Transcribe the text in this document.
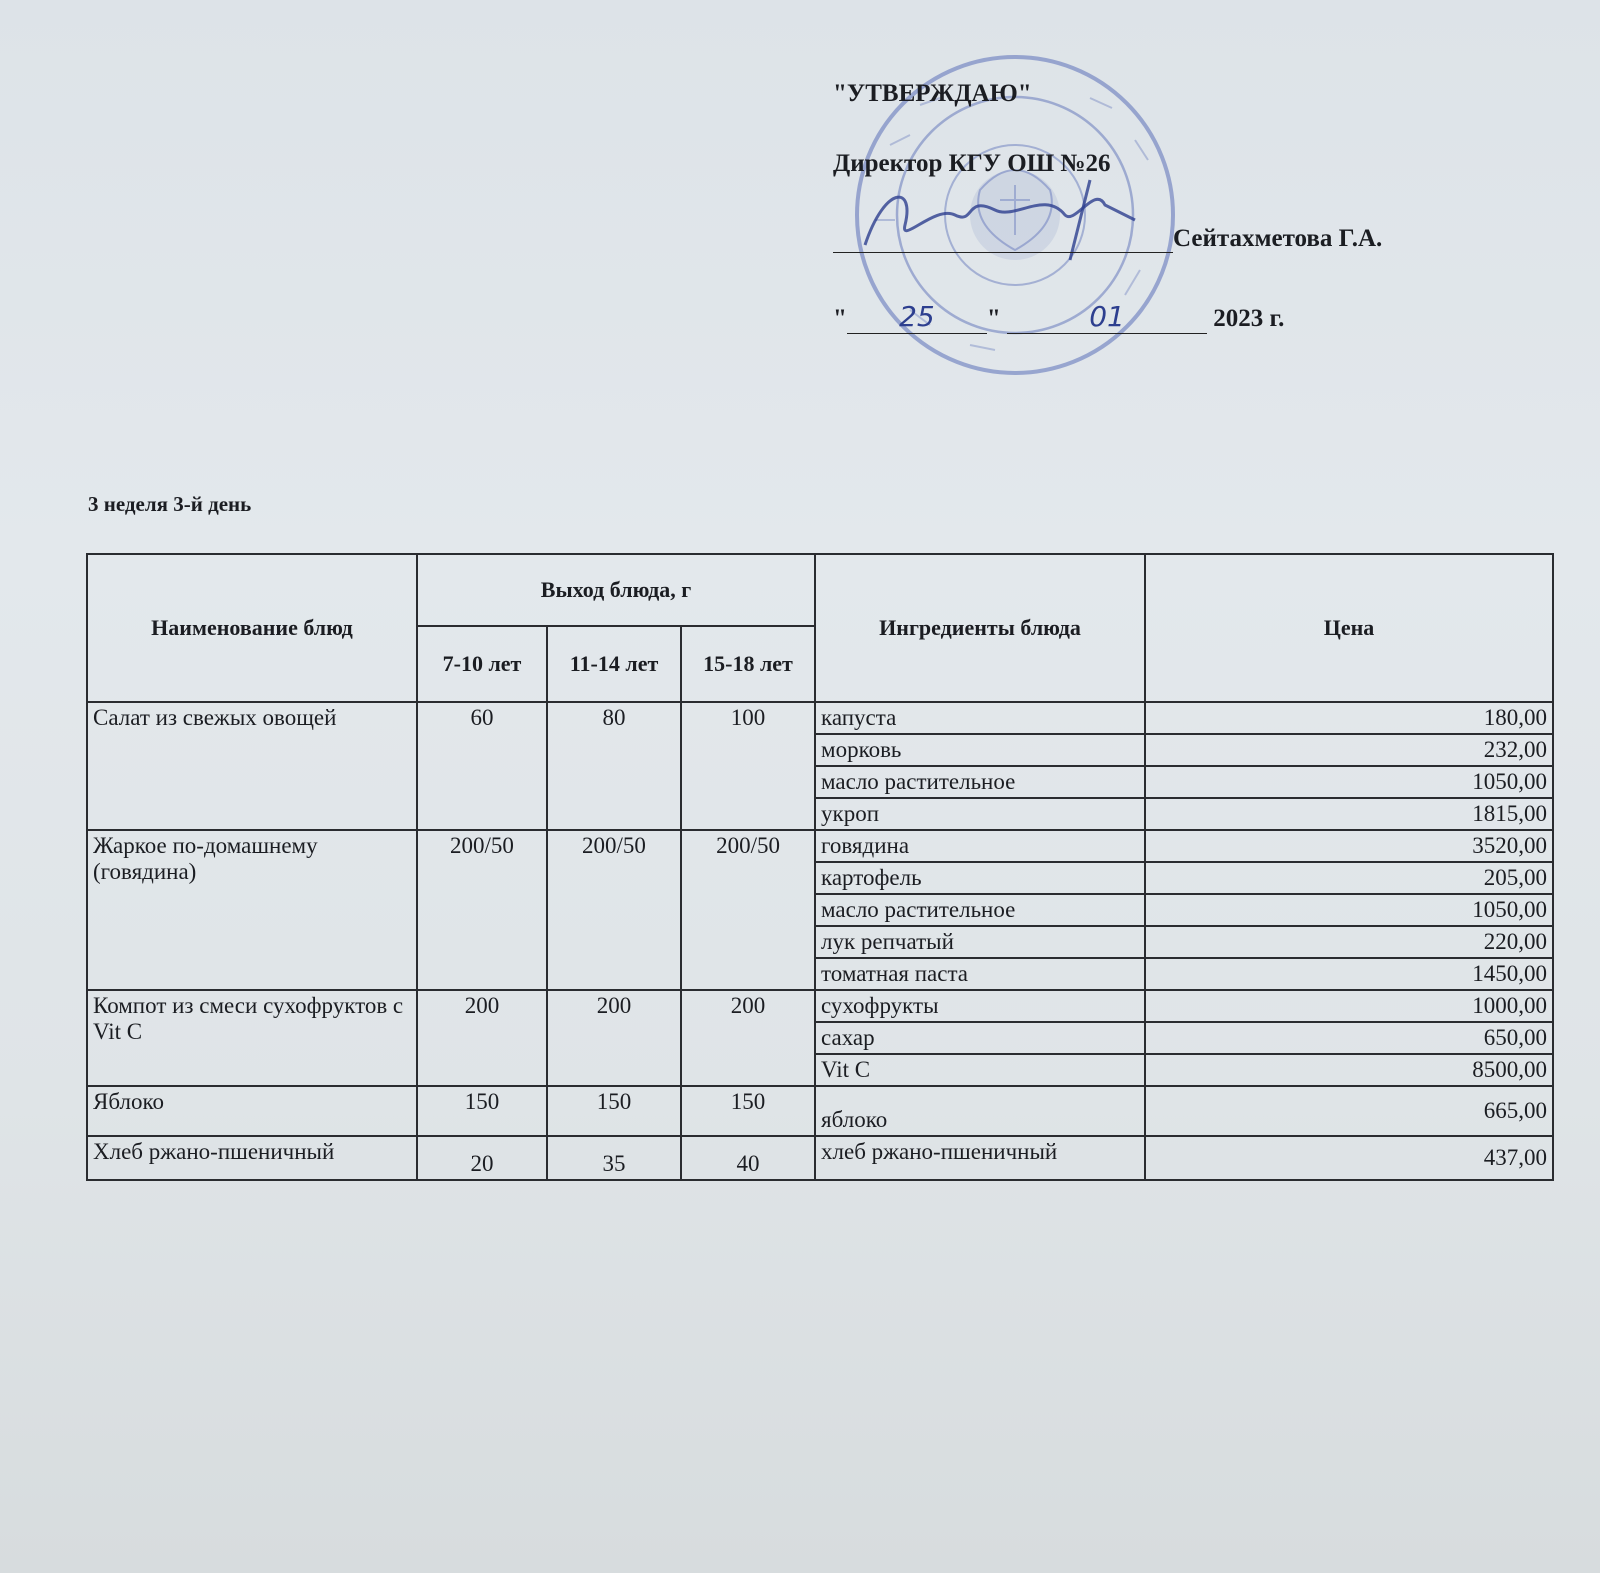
"УТВЕРЖДАЮ"
Директор КГУ ОШ №26
Сейтахметова Г.А.
" 25 "	01	2023 г.
3 неделя 3-й день
Наименование блюд	Выход блюда, г			Ингредиенты блюда	Цена
	7-10 лет	11-14 лет	15-18 лет		
Салат из свежых овощей	60	80	100	капуста	180,00
				морковь	232,00
				масло растительное	1050,00
				укроп	1815,00
Жаркое по-домашнему (говядина)	200/50	200/50	200/50	говядина	3520,00
				картофель	205,00
				масло растительное	1050,00
				лук репчатый	220,00
				томатная паста	1450,00
Компот из смеси сухофруктов с Vit C	200	200	200	сухофрукты	1000,00
				сахар	650,00
				Vit C	8500,00
Яблоко	150	150	150	яблоко	665,00
Хлеб ржано-пшеничный	20	35	40	хлеб ржано-пшеничный	437,00
